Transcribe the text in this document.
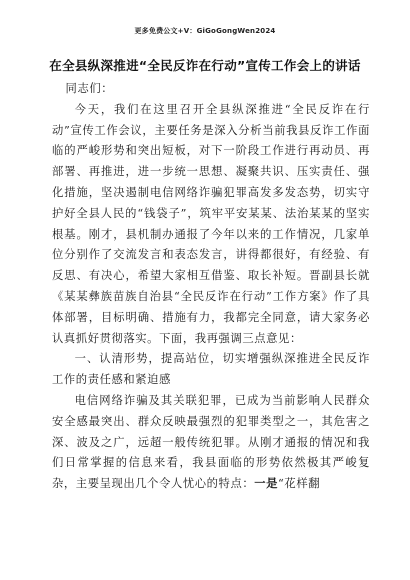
更多免费公文+V：GiGoGongWen2024
在全县纵深推进“全民反诈在行动”宣传工作会上的讲话

同志们：

今天，我们在这里召开全县纵深推进“全民反诈在行动”宣传工作会议，主要任务是深入分析当前我县反诈工作面临的严峻形势和突出短板，对下一阶段工作进行再动员、再部署、再推进，进一步统一思想、凝聚共识、压实责任、强化措施，坚决遏制电信网络诈骗犯罪高发多发态势，切实守护好全县人民的“钱袋子”，筑牢平安某某、法治某某的坚实根基。刚才，县机制办通报了今年以来的工作情况，几家单位分别作了交流发言和表态发言，讲得都很好，有经验、有反思、有决心，希望大家相互借鉴、取长补短。晋副县长就《某某彝族苗族自治县“全民反诈在行动”工作方案》作了具体部署，目标明确、措施有力，我都完全同意，请大家务必认真抓好贯彻落实。下面，我再强调三点意见：

一、认清形势，提高站位，切实增强纵深推进全民反诈工作的责任感和紧迫感

电信网络诈骗及其关联犯罪，已成为当前影响人民群众安全感最突出、群众反映最强烈的犯罪类型之一，其危害之深、波及之广，远超一般传统犯罪。从刚才通报的情况和我们日常掌握的信息来看，我县面临的形势依然极其严峻复杂，主要呈现出几个令人忧心的特点：一是“花样翻
